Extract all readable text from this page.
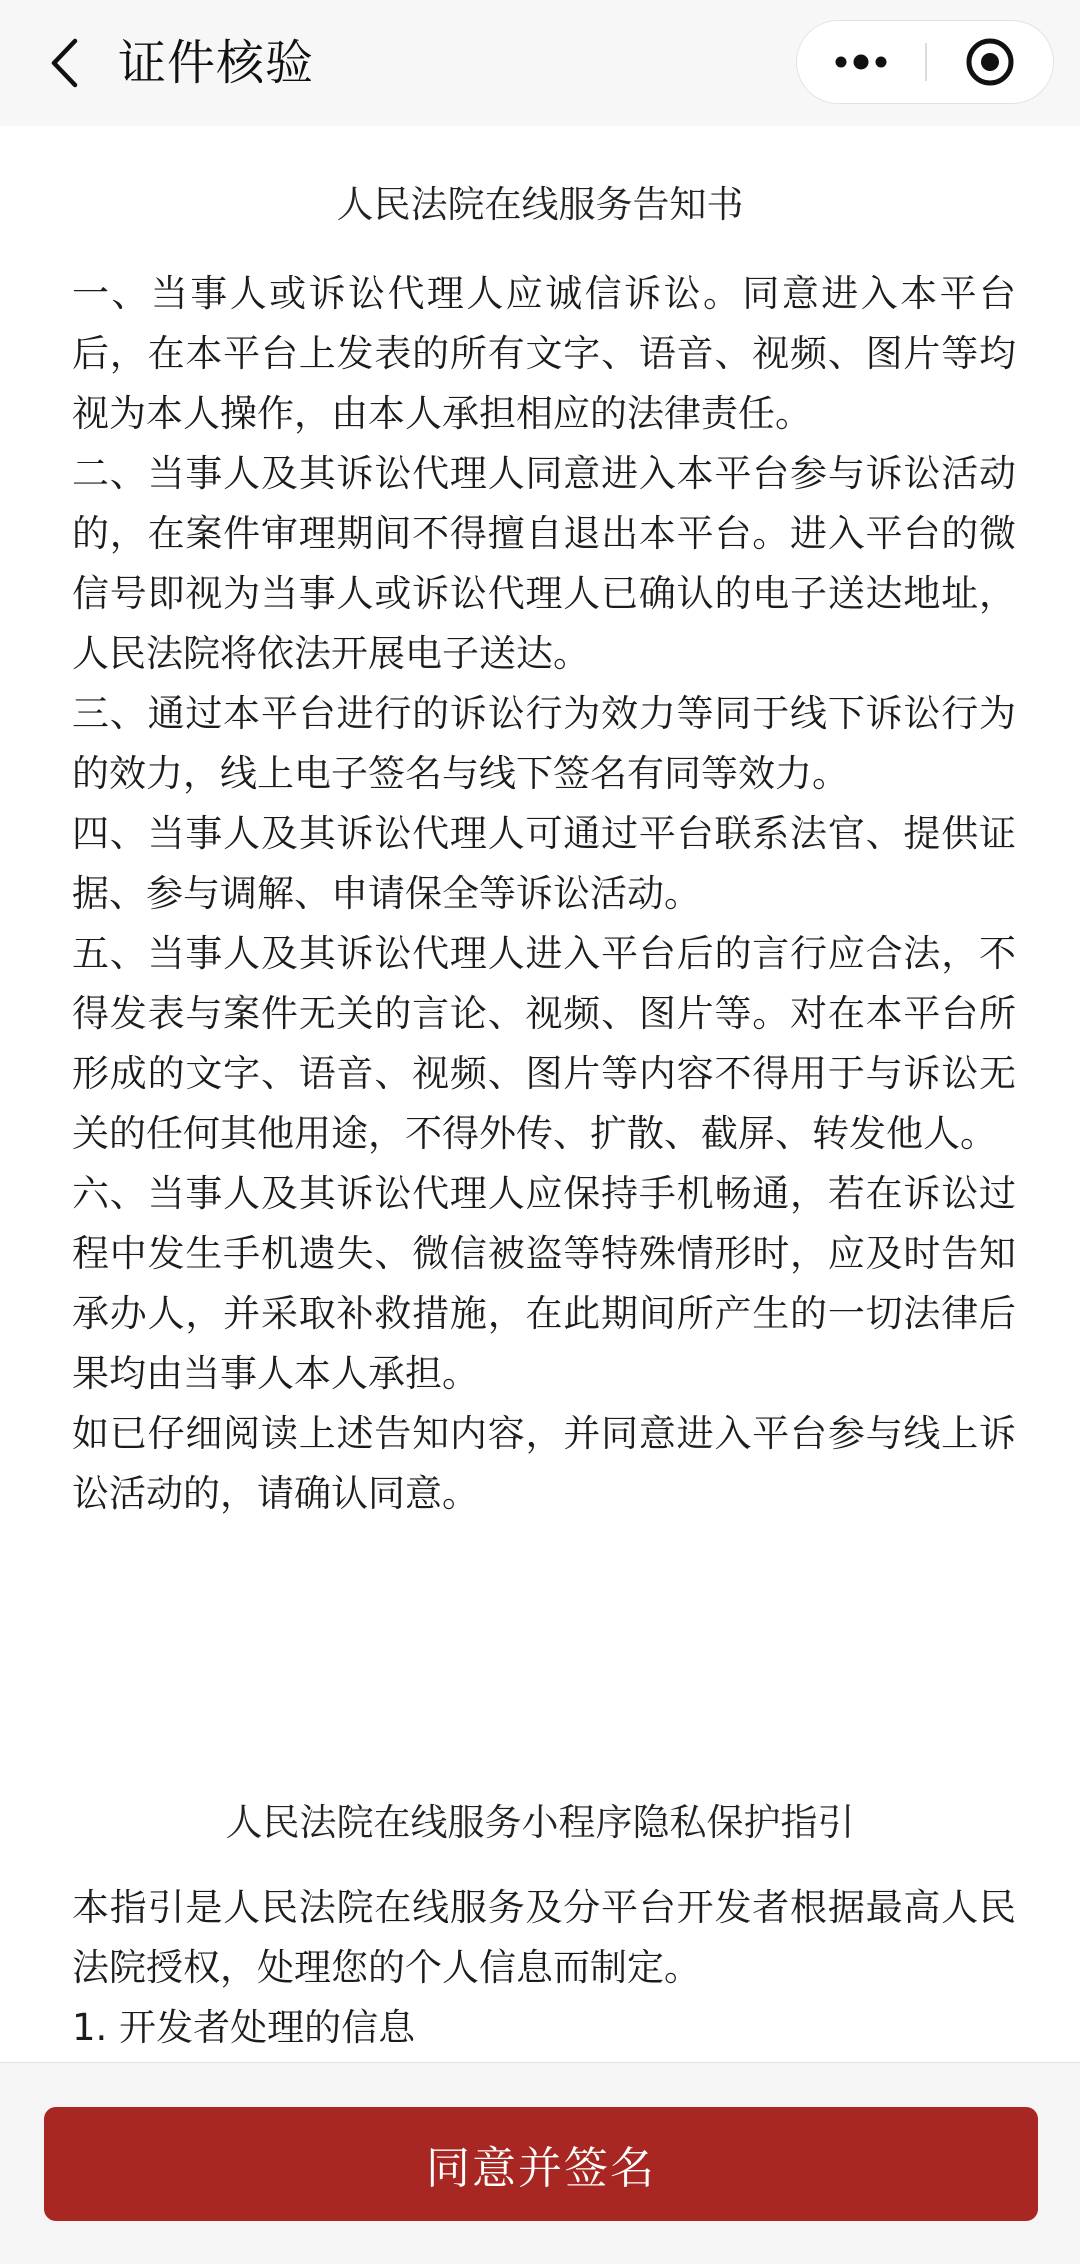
证件核验
人民法院在线服务告知书

一、当事人或诉讼代理人应诚信诉讼。同意进入本平台后，在本平台上发表的所有文字、语音、视频、图片等均视为本人操作，由本人承担相应的法律责任。

二、当事人及其诉讼代理人同意进入本平台参与诉讼活动的，在案件审理期间不得擅自退出本平台。进入平台的微信号即视为当事人或诉讼代理人已确认的电子送达地址，人民法院将依法开展电子送达。

三、通过本平台进行的诉讼行为效力等同于线下诉讼行为的效力，线上电子签名与线下签名有同等效力。

四、当事人及其诉讼代理人可通过平台联系法官、提供证据、参与调解、申请保全等诉讼活动。

五、当事人及其诉讼代理人进入平台后的言行应合法，不得发表与案件无关的言论、视频、图片等。对在本平台所形成的文字、语音、视频、图片等内容不得用于与诉讼无关的任何其他用途，不得外传、扩散、截屏、转发他人。

六、当事人及其诉讼代理人应保持手机畅通，若在诉讼过程中发生手机遗失、微信被盗等特殊情形时，应及时告知承办人，并采取补救措施，在此期间所产生的一切法律后果均由当事人本人承担。

如已仔细阅读上述告知内容，并同意进入平台参与线上诉讼活动的，请确认同意。

人民法院在线服务小程序隐私保护指引

本指引是人民法院在线服务及分平台开发者根据最高人民法院授权，处理您的个人信息而制定。

1. 开发者处理的信息

同意并签名
